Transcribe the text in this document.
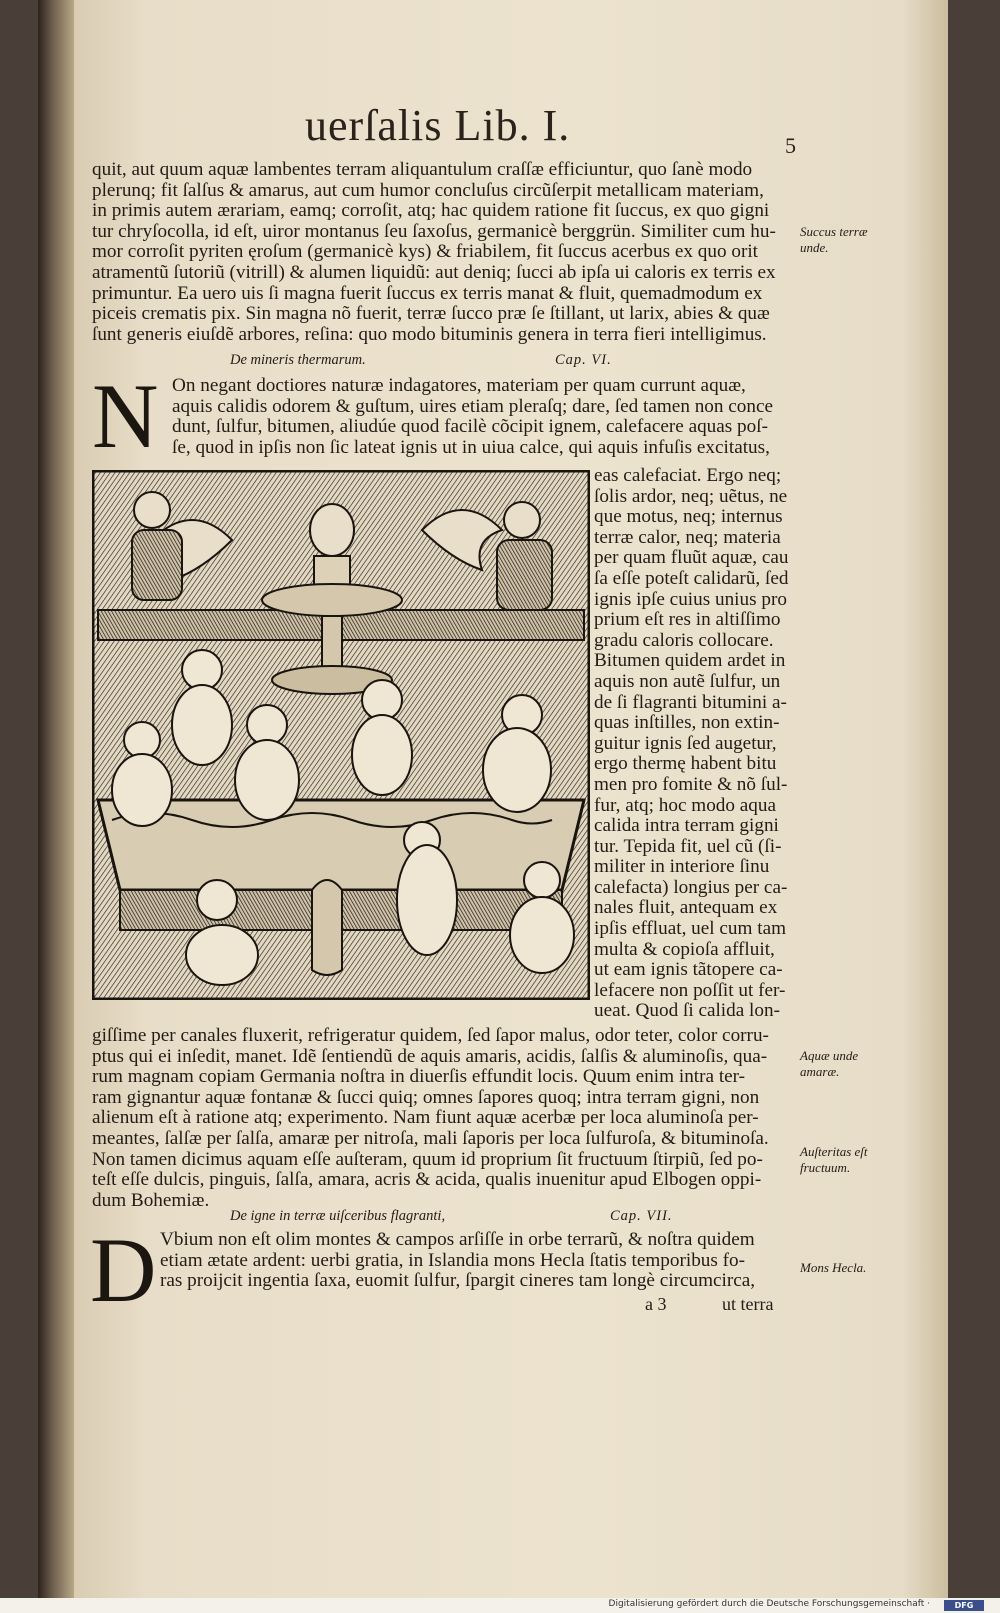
uerſalis Lib. I.	5
quit, aut quum aquæ lambentes terram aliquantulum craſſæ efficiuntur, quo ſanè modo
plerunq; fit ſalſus & amarus, aut cum humor concluſus circũſerpit metallicam materiam,
in primis autem ærariam, eamq; corroſit, atq; hac quidem ratione fit ſuccus, ex quo gigni
tur chryſocolla, id eſt, uiror montanus ſeu ſaxoſus, germanicè berggrün. Similiter cum hu-
mor corroſit pyriten ęroſum (germanicè kys) & friabilem, fit ſuccus acerbus ex quo orit
atramentũ ſutoriũ (vitrill) & alumen liquidũ: aut deniq; ſucci ab ipſa ui caloris ex terris ex
primuntur. Ea uero uis ſi magna fuerit ſuccus ex terris manat & fluit, quemadmodum ex
piceis crematis pix. Sin magna nõ fuerit, terræ ſucco præ ſe ſtillant, ut larix, abies & quæ
ſunt generis eiuſdẽ arbores, reſina: quo modo bituminis genera in terra fieri intelligimus.
De mineris thermarum.	Cap. VI.
N On negant doctiores naturæ indagatores, materiam per quam currunt aquæ,
aquis calidis odorem & guſtum, uires etiam pleraſq; dare, ſed tamen non conce
dunt, ſulfur, bitumen, aliudúe quod facilè cõcipit ignem, calefacere aquas poſ-
ſe, quod in ipſis non ſic lateat ignis ut in uiua calce, qui aquis infuſis excitatus,
eas calefaciat. Ergo neq;
ſolis ardor, neq; uẽtus, ne
que motus, neq; internus
terræ calor, neq; materia
per quam fluũt aquæ, cau
ſa eſſe poteſt calidarũ, ſed
ignis ipſe cuius unius pro
prium eſt res in altiſſimo
gradu caloris collocare.
Bitumen quidem ardet in
aquis non autẽ ſulfur, un
de ſi flagranti bitumini a-
quas inſtilles, non extin-
guitur ignis ſed augetur,
ergo thermę habent bitu
men pro fomite & nõ ſul-
fur, atq; hoc modo aqua
calida intra terram gigni
tur. Tepida fit, uel cũ (ſi-
militer in interiore ſinu
calefacta) longius per ca-
nales fluit, antequam ex
ipſis effluat, uel cum tam
multa & copioſa affluit,
ut eam ignis tãtopere ca-
lefacere non poſſit ut fer-
ueat. Quod ſi calida lon-
giſſime per canales fluxerit, refrigeratur quidem, ſed ſapor malus, odor teter, color corru-
ptus qui ei inſedit, manet. Idẽ ſentiendũ de aquis amaris, acidis, ſalſis & aluminoſis, qua-
rum magnam copiam Germania noſtra in diuerſis effundit locis. Quum enim intra ter-
ram gignantur aquæ fontanæ & ſucci quiq; omnes ſapores quoq; intra terram gigni, non
alienum eſt à ratione atq; experimento. Nam fiunt aquæ acerbæ per loca aluminoſa per-
meantes, ſalſæ per ſalſa, amaræ per nitroſa, mali ſaporis per loca ſulfuroſa, & bituminoſa.
Non tamen dicimus aquam eſſe auſteram, quum id proprium ſit fructuum ſtirpiũ, ſed po-
teſt eſſe dulcis, pinguis, ſalſa, amara, acris & acida, qualis inuenitur apud Elbogen oppi-
dum Bohemiæ.
De igne in terræ uiſceribus flagranti,	Cap. VII.
D Vbium non eſt olim montes & campos arſiſſe in orbe terrarũ, & noſtra quidem
etiam ætate ardent: uerbi gratia, in Islandia mons Hecla ſtatis temporibus fo-
ras proijcit ingentia ſaxa, euomit ſulfur, ſpargit cineres tam longè circumcirca,
a 3	ut terra
Succus terræ
unde.
Aquæ unde
amaræ.
Auſteritas eſt
fructuum.
Mons Hecla.
Digitalisierung gefördert durch die Deutsche Forschungsgemeinschaft ·	DFG
